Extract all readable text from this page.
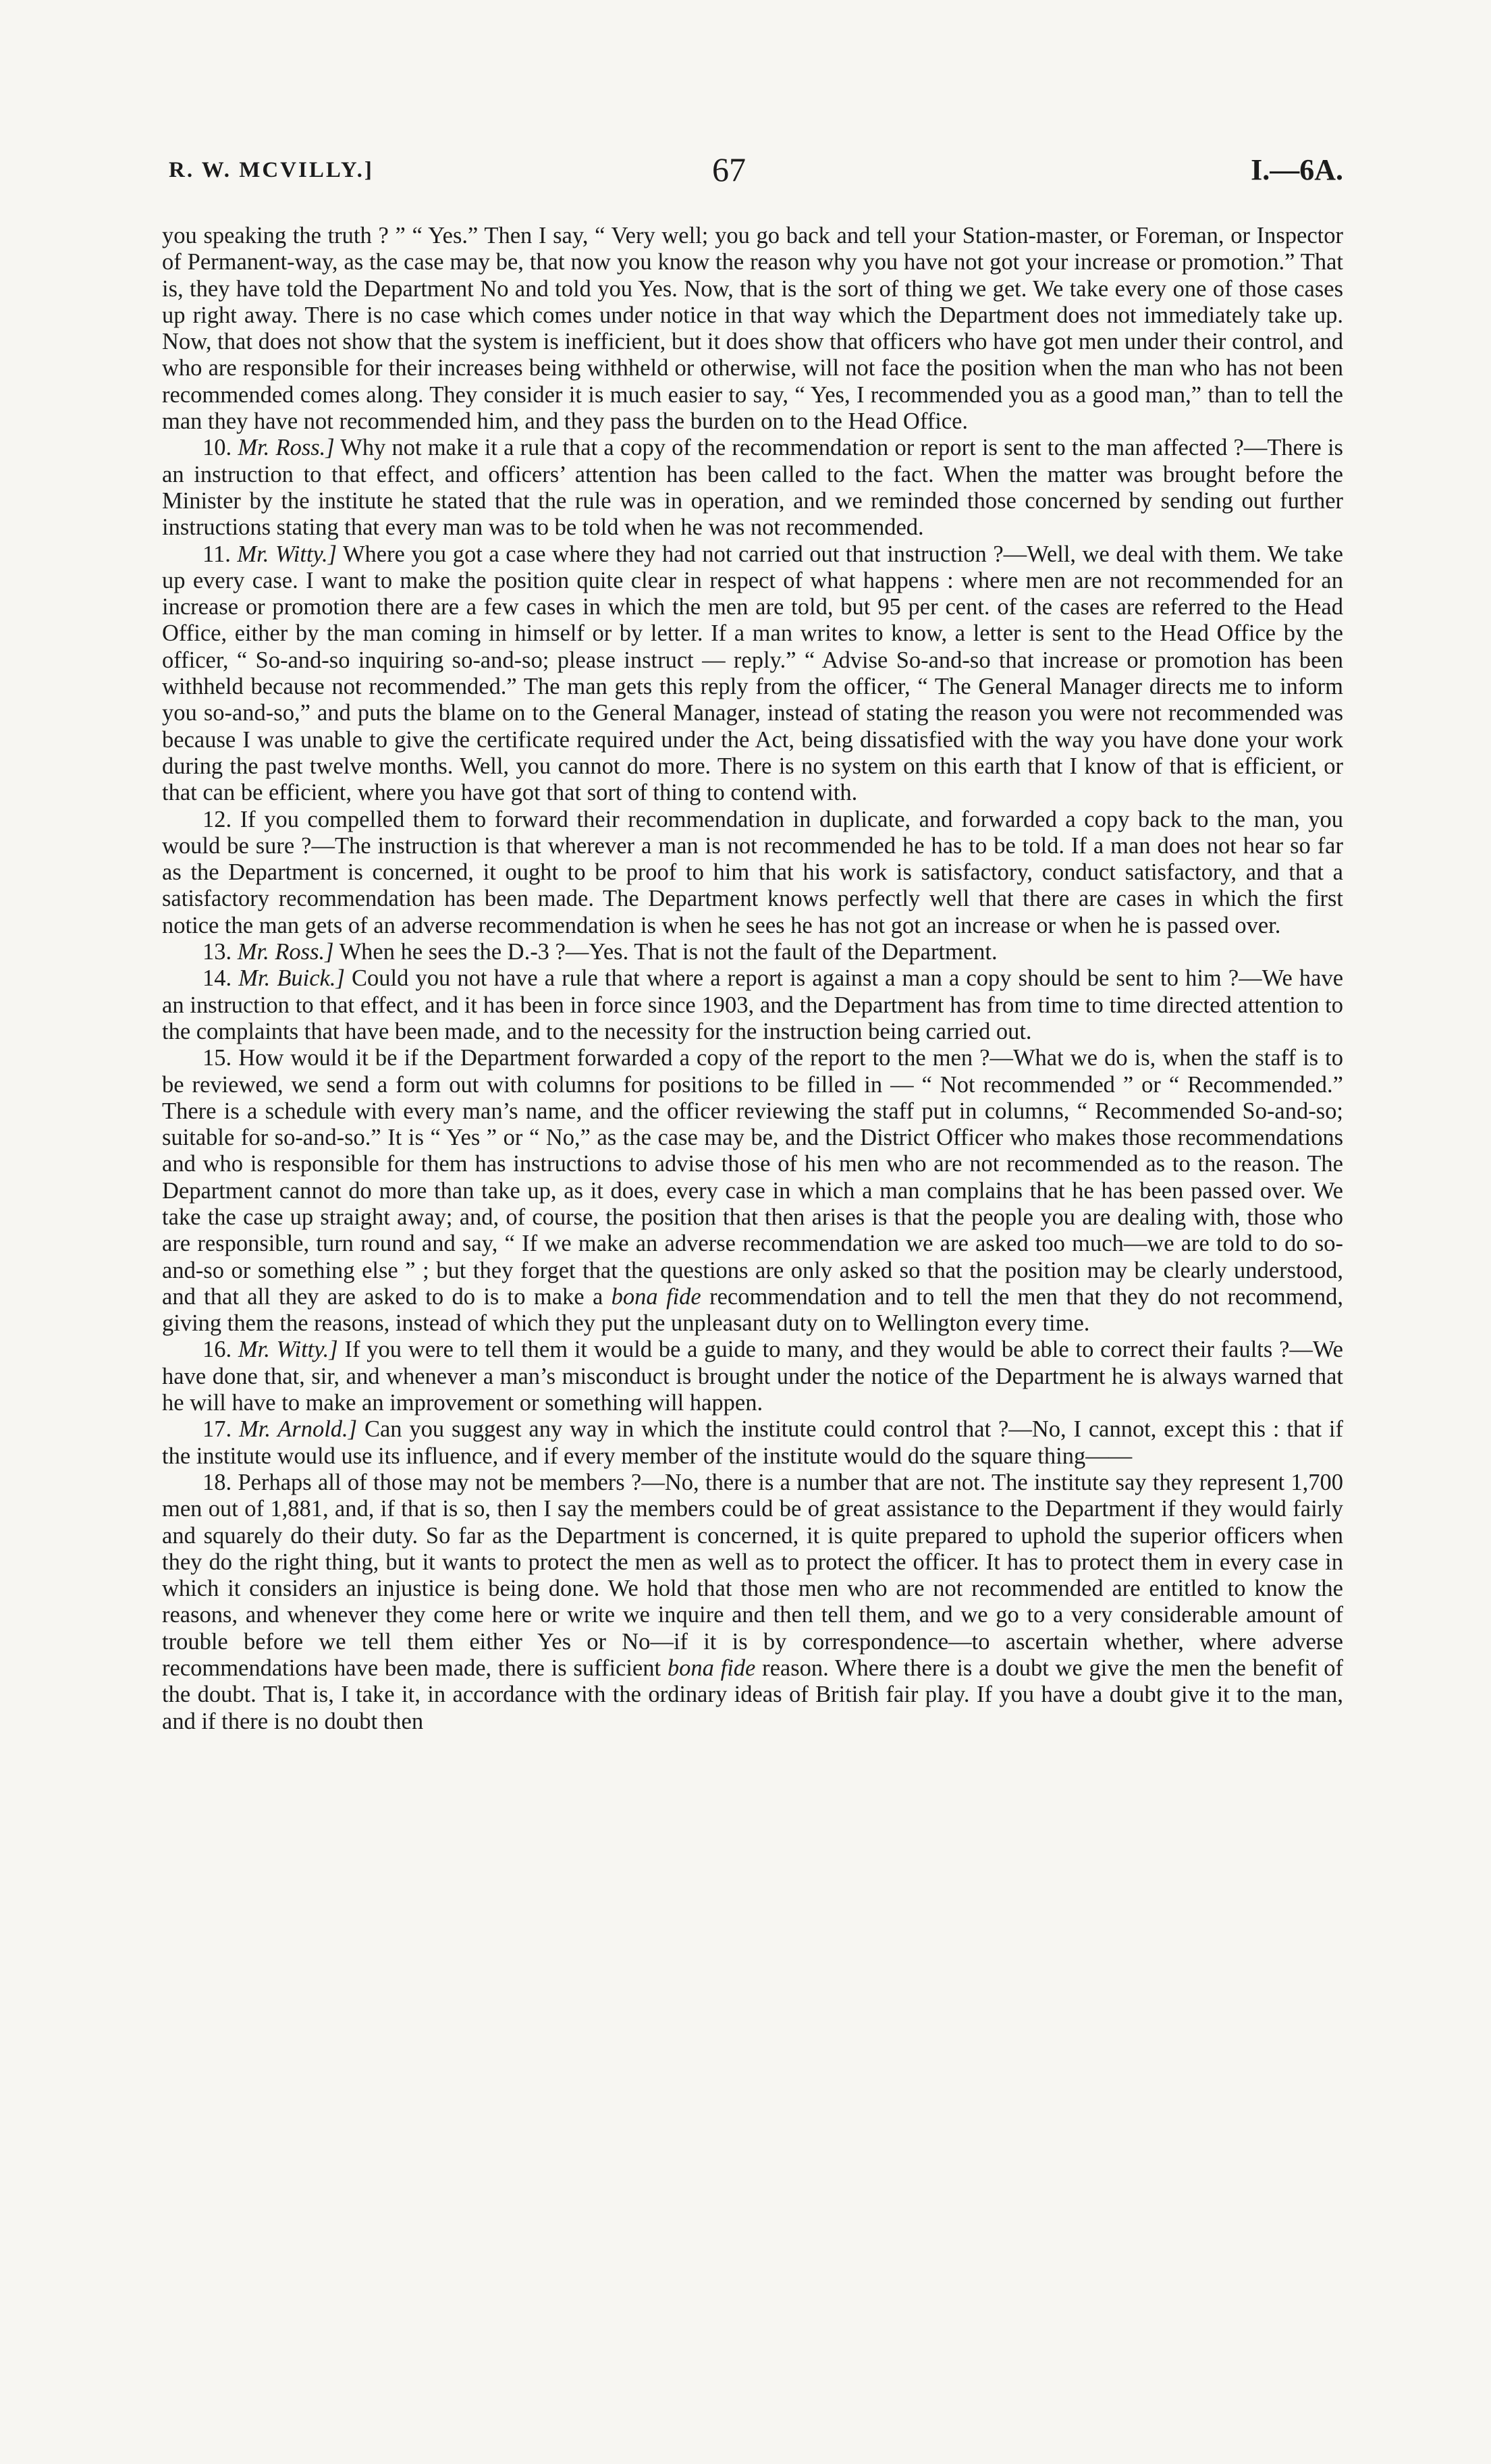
R. W. MCVILLY.]	67	I.—6A.

you speaking the truth ? ” “ Yes.” Then I say, “ Very well; you go back and tell your Station-master, or Foreman, or Inspector of Permanent-way, as the case may be, that now you know the reason why you have not got your increase or promotion.” That is, they have told the Department No and told you Yes. Now, that is the sort of thing we get. We take every one of those cases up right away. There is no case which comes under notice in that way which the Department does not immediately take up. Now, that does not show that the system is inefficient, but it does show that officers who have got men under their control, and who are responsible for their increases being withheld or otherwise, will not face the position when the man who has not been recommended comes along. They consider it is much easier to say, “ Yes, I recommended you as a good man,” than to tell the man they have not recommended him, and they pass the burden on to the Head Office.

10. Mr. Ross.] Why not make it a rule that a copy of the recommendation or report is sent to the man affected ?—There is an instruction to that effect, and officers’ attention has been called to the fact. When the matter was brought before the Minister by the institute he stated that the rule was in operation, and we reminded those concerned by sending out further instructions stating that every man was to be told when he was not recommended.

11. Mr. Witty.] Where you got a case where they had not carried out that instruction ?—Well, we deal with them. We take up every case. I want to make the position quite clear in respect of what happens : where men are not recommended for an increase or promotion there are a few cases in which the men are told, but 95 per cent. of the cases are referred to the Head Office, either by the man coming in himself or by letter. If a man writes to know, a letter is sent to the Head Office by the officer, “ So-and-so inquiring so-and-so; please instruct — reply.” “ Advise So-and-so that increase or promotion has been withheld because not recommended.” The man gets this reply from the officer, “ The General Manager directs me to inform you so-and-so,” and puts the blame on to the General Manager, instead of stating the reason you were not recommended was because I was unable to give the certificate required under the Act, being dissatisfied with the way you have done your work during the past twelve months. Well, you cannot do more. There is no system on this earth that I know of that is efficient, or that can be efficient, where you have got that sort of thing to contend with.

12. If you compelled them to forward their recommendation in duplicate, and forwarded a copy back to the man, you would be sure ?—The instruction is that wherever a man is not recommended he has to be told. If a man does not hear so far as the Department is concerned, it ought to be proof to him that his work is satisfactory, conduct satisfactory, and that a satisfactory recommendation has been made. The Department knows perfectly well that there are cases in which the first notice the man gets of an adverse recommendation is when he sees he has not got an increase or when he is passed over.

13. Mr. Ross.] When he sees the D.-3 ?—Yes. That is not the fault of the Department.

14. Mr. Buick.] Could you not have a rule that where a report is against a man a copy should be sent to him ?—We have an instruction to that effect, and it has been in force since 1903, and the Department has from time to time directed attention to the complaints that have been made, and to the necessity for the instruction being carried out.

15. How would it be if the Department forwarded a copy of the report to the men ?—What we do is, when the staff is to be reviewed, we send a form out with columns for positions to be filled in — “ Not recommended ” or “ Recommended.” There is a schedule with every man’s name, and the officer reviewing the staff put in columns, “ Recommended So-and-so; suitable for so-and-so.” It is “ Yes ” or “ No,” as the case may be, and the District Officer who makes those recommendations and who is responsible for them has instructions to advise those of his men who are not recommended as to the reason. The Department cannot do more than take up, as it does, every case in which a man complains that he has been passed over. We take the case up straight away; and, of course, the position that then arises is that the people you are dealing with, those who are responsible, turn round and say, “ If we make an adverse recommendation we are asked too much—we are told to do so-and-so or something else ” ; but they forget that the questions are only asked so that the position may be clearly understood, and that all they are asked to do is to make a bona fide recommendation and to tell the men that they do not recommend, giving them the reasons, instead of which they put the unpleasant duty on to Wellington every time.

16. Mr. Witty.] If you were to tell them it would be a guide to many, and they would be able to correct their faults ?—We have done that, sir, and whenever a man’s misconduct is brought under the notice of the Department he is always warned that he will have to make an improvement or something will happen.

17. Mr. Arnold.] Can you suggest any way in which the institute could control that ?—No, I cannot, except this : that if the institute would use its influence, and if every member of the institute would do the square thing——

18. Perhaps all of those may not be members ?—No, there is a number that are not. The institute say they represent 1,700 men out of 1,881, and, if that is so, then I say the members could be of great assistance to the Department if they would fairly and squarely do their duty. So far as the Department is concerned, it is quite prepared to uphold the superior officers when they do the right thing, but it wants to protect the men as well as to protect the officer. It has to protect them in every case in which it considers an injustice is being done. We hold that those men who are not recommended are entitled to know the reasons, and whenever they come here or write we inquire and then tell them, and we go to a very considerable amount of trouble before we tell them either Yes or No—if it is by correspondence—to ascertain whether, where adverse recommendations have been made, there is sufficient bona fide reason. Where there is a doubt we give the men the benefit of the doubt. That is, I take it, in accordance with the ordinary ideas of British fair play. If you have a doubt give it to the man, and if there is no doubt then
